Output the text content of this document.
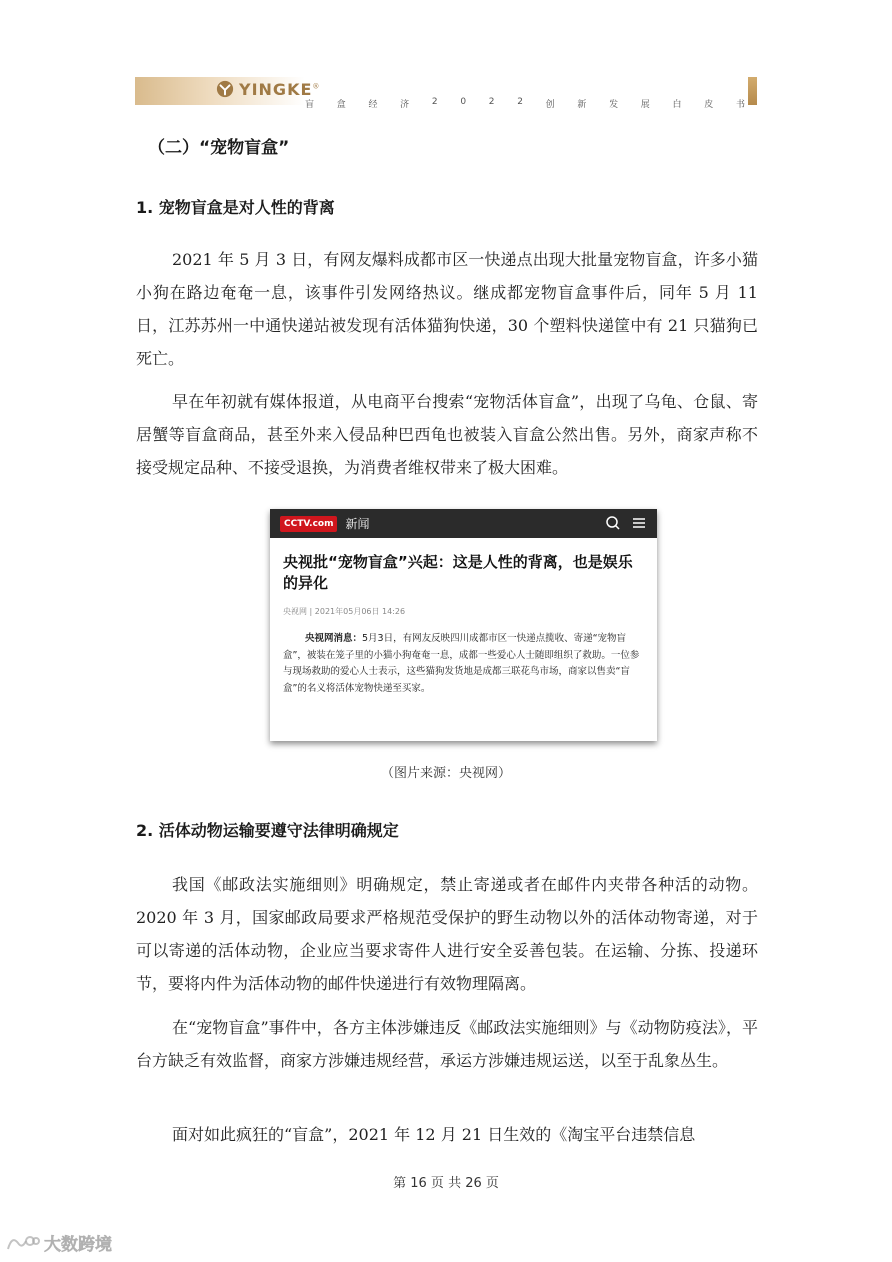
YINGKE®
盲	盒	经	济	2	0	2	2	创	新	发	展	白	皮	书
（二）“宠物盲盒”
1. 宠物盲盒是对人性的背离

2021 年 5 月 3 日，有网友爆料成都市区一快递点出现大批量宠物盲盒，许多小猫小狗在路边奄奄一息，该事件引发网络热议。继成都宠物盲盒事件后，同年 5 月 11 日，江苏苏州一中通快递站被发现有活体猫狗快递，30 个塑料快递筐中有 21 只猫狗已死亡。

早在年初就有媒体报道，从电商平台搜索“宠物活体盲盒”，出现了乌龟、仓鼠、寄居蟹等盲盒商品，甚至外来入侵品种巴西龟也被装入盲盒公然出售。另外，商家声称不接受规定品种、不接受退换，为消费者维权带来了极大困难。

CCTV.com	新闻
央视批“宠物盲盒”兴起：这是人性的背离，也是娱乐的异化
央视网 | 2021年05月06日 14:26
央视网消息：5月3日，有网友反映四川成都市区一快递点揽收、寄递“宠物盲盒”，被装在笼子里的小猫小狗奄奄一息，成都一些爱心人士随即组织了救助。一位参与现场救助的爱心人士表示，这些猫狗发货地是成都三联花鸟市场，商家以售卖“盲盒”的名义将活体宠物快递至买家。
（图片来源：央视网）
2. 活体动物运输要遵守法律明确规定

我国《邮政法实施细则》明确规定，禁止寄递或者在邮件内夹带各种活的动物。2020 年 3 月，国家邮政局要求严格规范受保护的野生动物以外的活体动物寄递，对于可以寄递的活体动物，企业应当要求寄件人进行安全妥善包装。在运输、分拣、投递环节，要将内件为活体动物的邮件快递进行有效物理隔离。

在“宠物盲盒”事件中，各方主体涉嫌违反《邮政法实施细则》与《动物防疫法》，平台方缺乏有效监督，商家方涉嫌违规经营，承运方涉嫌违规运送，以至于乱象丛生。

面对如此疯狂的“盲盒”，2021 年 12 月 21 日生效的《淘宝平台违禁信息

第 16 页 共 26 页
大数跨境
